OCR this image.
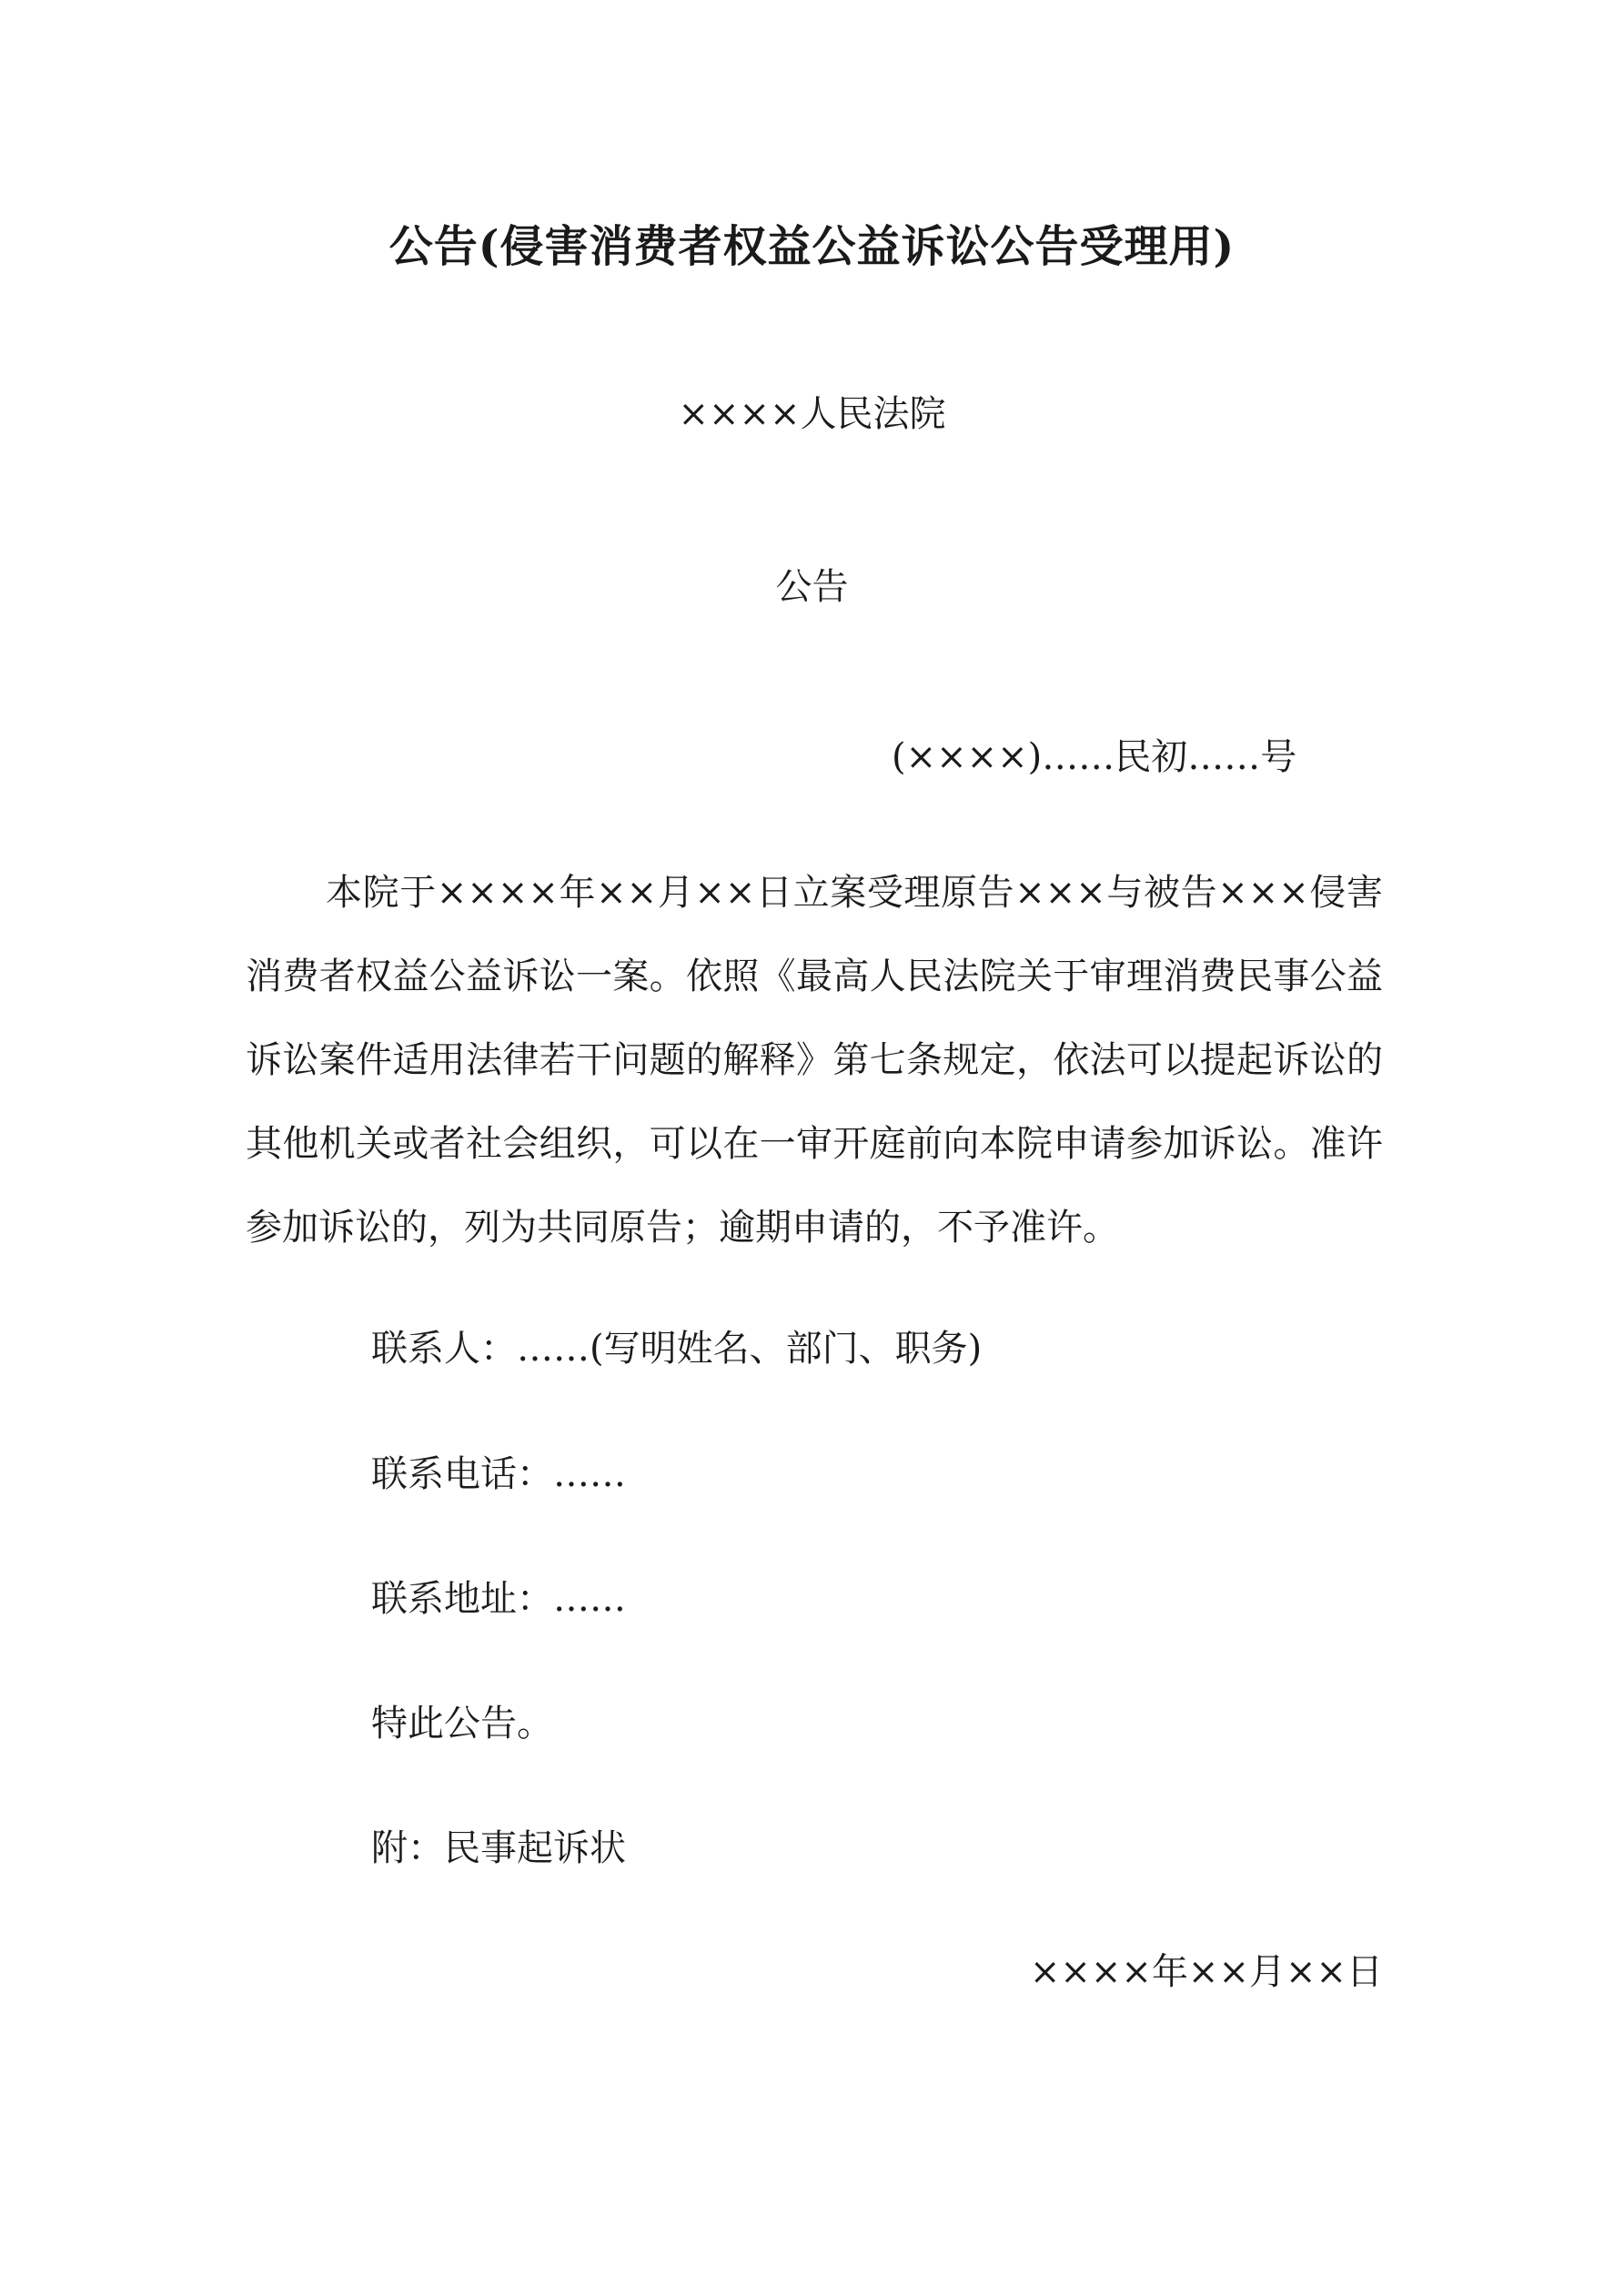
公告(侵害消费者权益公益诉讼公告受理用)
××××人民法院
公告
(××××)……民初……号

本院于××××年××月××日立案受理原告×××与被告×××侵害消费者权益公益诉讼一案。依照《最高人民法院关于审理消费民事公益诉讼案件适用法律若干问题的解释》第七条规定，依法可以提起诉讼的其他机关或者社会组织，可以在一审开庭前向本院申请参加诉讼。准许参加诉讼的，列为共同原告；逾期申请的，不予准许。

联系人：……(写明姓名、部门、职务)
联系电话：……
联系地址：……
特此公告。
附：民事起诉状
××××年××月××日
